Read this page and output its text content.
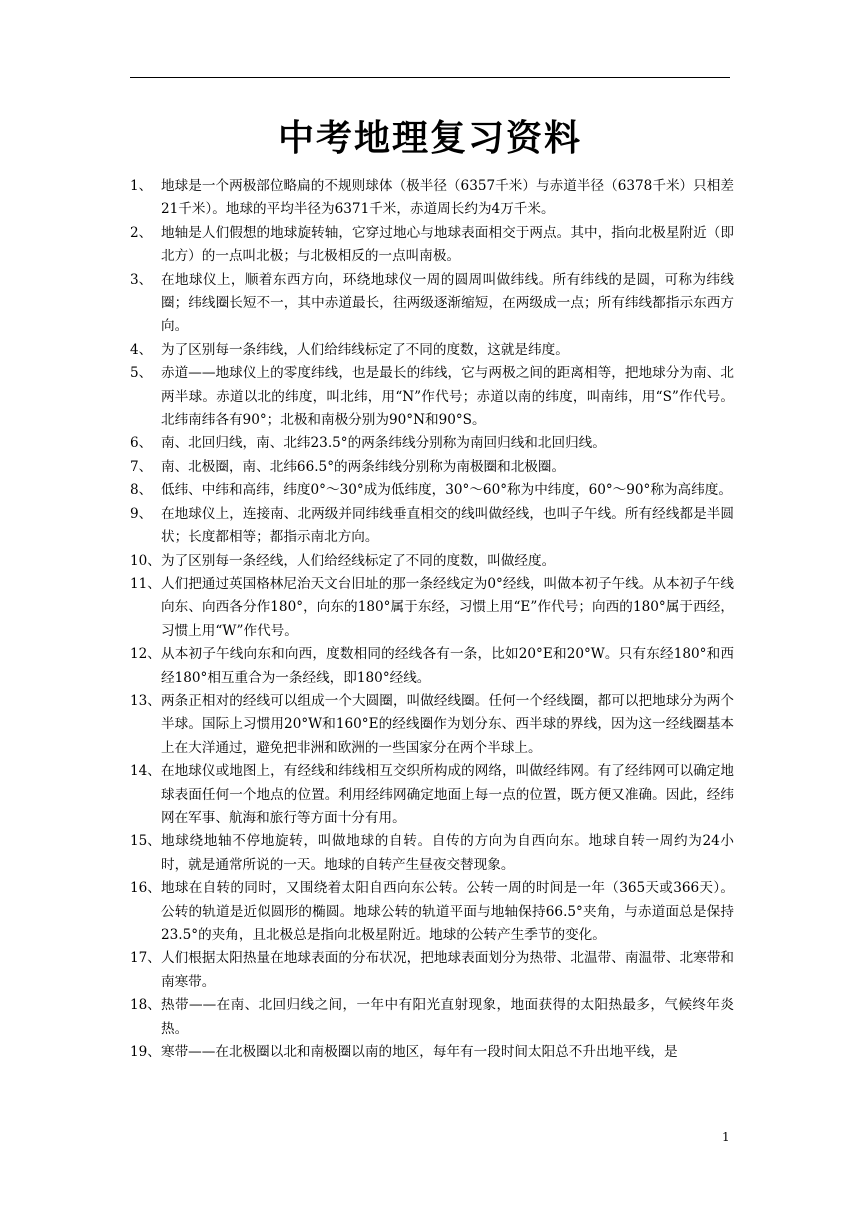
中考地理复习资料
1、 地球是一个两极部位略扁的不规则球体（极半径（6357千米）与赤道半径（6378千米）只相差21千米）。地球的平均半径为6371千米，赤道周长约为4万千米。
2、 地轴是人们假想的地球旋转轴，它穿过地心与地球表面相交于两点。其中，指向北极星附近（即北方）的一点叫北极；与北极相反的一点叫南极。
3、 在地球仪上，顺着东西方向，环绕地球仪一周的圆周叫做纬线。所有纬线的是圆，可称为纬线圈；纬线圈长短不一，其中赤道最长，往两级逐渐缩短，在两级成一点；所有纬线都指示东西方向。
4、 为了区别每一条纬线，人们给纬线标定了不同的度数，这就是纬度。
5、 赤道——地球仪上的零度纬线，也是最长的纬线，它与两极之间的距离相等，把地球分为南、北两半球。赤道以北的纬度，叫北纬，用“N”作代号；赤道以南的纬度，叫南纬，用“S”作代号。北纬南纬各有90°；北极和南极分别为90°N和90°S。
6、 南、北回归线，南、北纬23.5°的两条纬线分别称为南回归线和北回归线。
7、 南、北极圈，南、北纬66.5°的两条纬线分别称为南极圈和北极圈。
8、 低纬、中纬和高纬，纬度0°～30°成为低纬度，30°～60°称为中纬度，60°～90°称为高纬度。
9、 在地球仪上，连接南、北两级并同纬线垂直相交的线叫做经线，也叫子午线。所有经线都是半圆状；长度都相等；都指示南北方向。
10、 为了区别每一条经线，人们给经线标定了不同的度数，叫做经度。
11、 人们把通过英国格林尼治天文台旧址的那一条经线定为0°经线，叫做本初子午线。从本初子午线向东、向西各分作180°，向东的180°属于东经，习惯上用“E”作代号；向西的180°属于西经，习惯上用“W”作代号。
12、 从本初子午线向东和向西，度数相同的经线各有一条，比如20°E和20°W。只有东经180°和西经180°相互重合为一条经线，即180°经线。
13、 两条正相对的经线可以组成一个大圆圈，叫做经线圈。任何一个经线圈，都可以把地球分为两个半球。国际上习惯用20°W和160°E的经线圈作为划分东、西半球的界线，因为这一经线圈基本上在大洋通过，避免把非洲和欧洲的一些国家分在两个半球上。
14、 在地球仪或地图上，有经线和纬线相互交织所构成的网络，叫做经纬网。有了经纬网可以确定地球表面任何一个地点的位置。利用经纬网确定地面上每一点的位置，既方便又准确。因此，经纬网在军事、航海和旅行等方面十分有用。
15、 地球绕地轴不停地旋转，叫做地球的自转。自传的方向为自西向东。地球自转一周约为24小时，就是通常所说的一天。地球的自转产生昼夜交替现象。
16、 地球在自转的同时，又围绕着太阳自西向东公转。公转一周的时间是一年（365天或366天）。公转的轨道是近似圆形的椭圆。地球公转的轨道平面与地轴保持66.5°夹角，与赤道面总是保持23.5°的夹角，且北极总是指向北极星附近。地球的公转产生季节的变化。
17、 人们根据太阳热量在地球表面的分布状况，把地球表面划分为热带、北温带、南温带、北寒带和南寒带。
18、 热带——在南、北回归线之间，一年中有阳光直射现象，地面获得的太阳热最多，气候终年炎热。
19、 寒带——在北极圈以北和南极圈以南的地区，每年有一段时间太阳总不升出地平线，是
1
